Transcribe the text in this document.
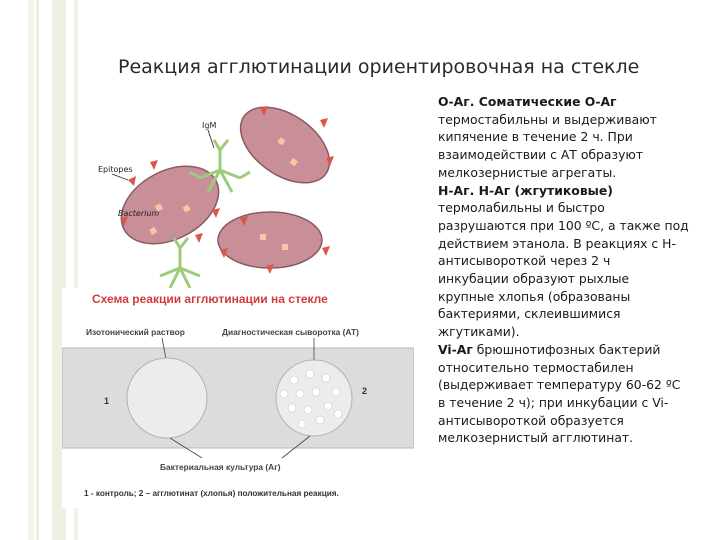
Реакция агглютинации ориентировочная на стекле
IgM
Epitopes
Bacterium
Схема реакции агглютинации на стекле
Изотонический раствор	Диагностическая сыворотка (АТ)
1
2
Бактериальная культура (Аг)
1 - контроль; 2 – агглютинат (хлопья) положительная реакция.
О-Аг. Соматические О-Аг
термостабильны и выдерживают
кипячение в течение 2 ч. При
взаимодействии с АТ образуют
мелкозернистые агрегаты.
Н-Аг. Н-Аг (жгутиковые)
термолабильны и быстро
разрушаются при 100 ºС, а также под
действием этанола. В реакциях с Н-
антисывороткой через 2 ч
инкубации образуют рыхлые
крупные хлопья (образованы
бактериями, склеившимися
жгутиками).
Vi-Аг брюшнотифозных бактерий
относительно термостабилен
(выдерживает температуру 60-62 ºС
в течение 2 ч); при инкубации с Vi-
антисывороткой образуется
мелкозернистый агглютинат.
